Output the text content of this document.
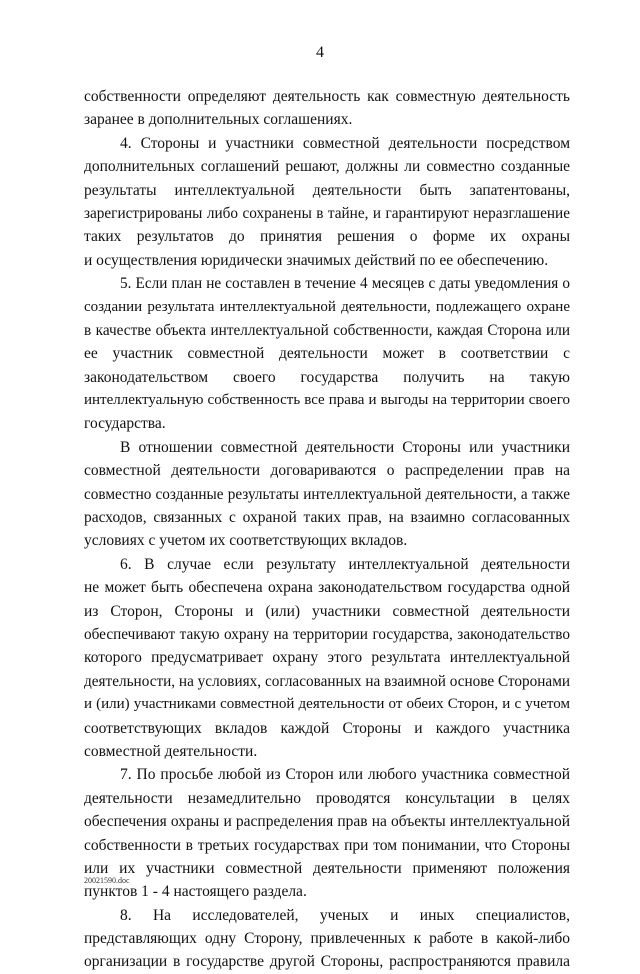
4
собственности определяют деятельность как совместную деятельность
заранее в дополнительных соглашениях.
4. Стороны и участники совместной деятельности посредством
дополнительных соглашений решают, должны ли совместно созданные
результаты интеллектуальной деятельности быть запатентованы,
зарегистрированы либо сохранены в тайне, и гарантируют неразглашение
таких результатов до принятия решения о форме их охраны
и осуществления юридически значимых действий по ее обеспечению.
5. Если план не составлен в течение 4 месяцев с даты уведомления о
создании результата интеллектуальной деятельности, подлежащего охране
в качестве объекта интеллектуальной собственности, каждая Сторона или
ее участник совместной деятельности может в соответствии с
законодательством своего государства получить на такую
интеллектуальную собственность все права и выгоды на территории своего
государства.
В отношении совместной деятельности Стороны или участники
совместной деятельности договариваются о распределении прав на
совместно созданные результаты интеллектуальной деятельности, а также
расходов, связанных с охраной таких прав, на взаимно согласованных
условиях с учетом их соответствующих вкладов.
6. В случае если результату интеллектуальной деятельности
не может быть обеспечена охрана законодательством государства одной
из Сторон, Стороны и (или) участники совместной деятельности
обеспечивают такую охрану на территории государства, законодательство
которого предусматривает охрану этого результата интеллектуальной
деятельности, на условиях, согласованных на взаимной основе Сторонами
и (или) участниками совместной деятельности от обеих Сторон, и с учетом
соответствующих вкладов каждой Стороны и каждого участника
совместной деятельности.
7. По просьбе любой из Сторон или любого участника совместной
деятельности незамедлительно проводятся консультации в целях
обеспечения охраны и распределения прав на объекты интеллектуальной
собственности в третьих государствах при том понимании, что Стороны
или их участники совместной деятельности применяют положения
пунктов 1 - 4 настоящего раздела.
8. На исследователей, ученых и иных специалистов,
представляющих одну Сторону, привлеченных к работе в какой-либо
организации в государстве другой Стороны, распространяются правила
20021590.doc
